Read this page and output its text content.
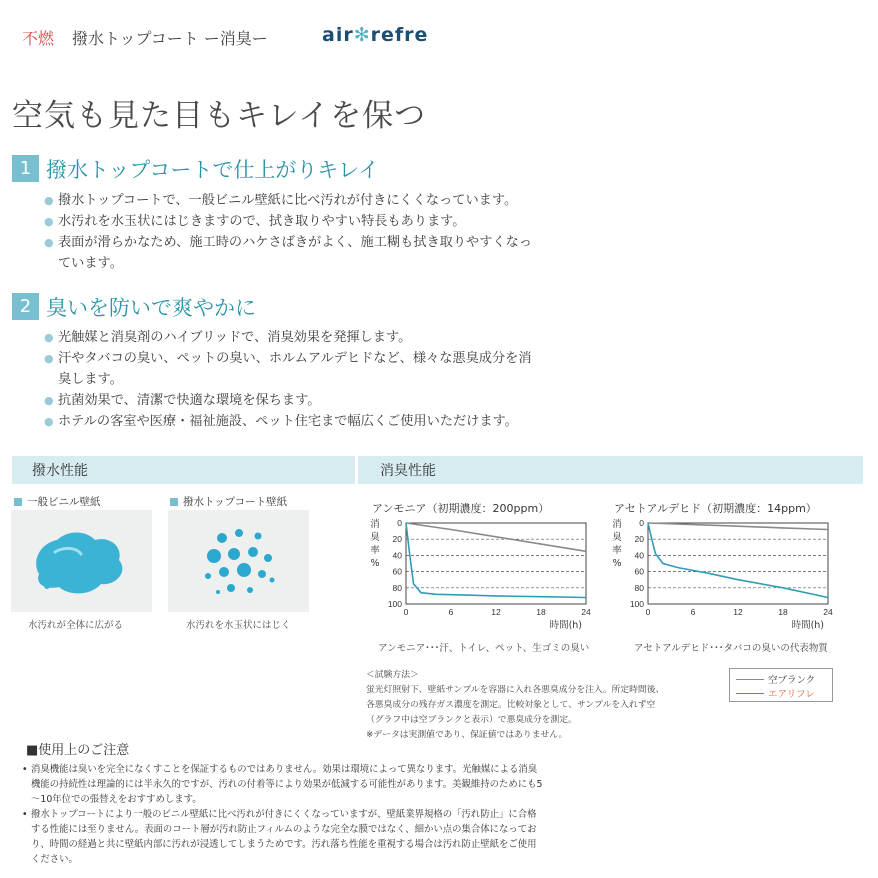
不燃 撥水トップコート ー消臭ー	air✻refre
空気も見た目もキレイを保つ
1 撥水トップコートで仕上がりキレイ
● 撥水トップコートで、一般ビニル壁紙に比べ汚れが付きにくくなっています。
● 水汚れを水玉状にはじきますので、拭き取りやすい特長もあります。
● 表面が滑らかなため、施工時のハケさばきがよく、施工糊も拭き取りやすくなっています。
2 臭いを防いで爽やかに
● 光触媒と消臭剤のハイブリッドで、消臭効果を発揮します。
● 汗やタバコの臭い、ペットの臭い、ホルムアルデヒドなど、様々な悪臭成分を消臭します。
● 抗菌効果で、清潔で快適な環境を保ちます。
● ホテルの客室や医療・福祉施設、ペット住宅まで幅広くご使用いただけます。
撥水性能
一般ビニル壁紙	撥水トップコート壁紙
水汚れが全体に広がる	水汚れを水玉状にはじく
消臭性能
アンモニア（初期濃度：200ppm）	アセトアルデヒド（初期濃度：14ppm）
0
20
40
60
80
100
0	6	12	18	24
消臭率%
時間(h)
0
20
40
60
80
100
0	6	12	18	24
消臭率%
時間(h)
アンモニア･･･汗、トイレ、ペット、生ゴミの臭い	アセトアルデヒド･･･タバコの臭いの代表物質
＜試験方法＞
蛍光灯照射下、壁紙サンプルを容器に入れ各悪臭成分を注入。所定時間後、
各悪臭成分の残存ガス濃度を測定。比較対象として、サンプルを入れず空
（グラフ中は空ブランクと表示）で悪臭成分を測定。
※データは実測値であり、保証値ではありません。
空ブランク
エアリフレ
■使用上のご注意
• 消臭機能は臭いを完全になくすことを保証するものではありません。効果は環境によって異なります。光触媒による消臭機能の持続性は理論的には半永久的ですが、汚れの付着等により効果が低減する可能性があります。美観維持のためにも5～10年位での張替えをおすすめします。
• 撥水トップコートにより一般のビニル壁紙に比べ汚れが付きにくくなっていますが、壁紙業界規格の「汚れ防止」に合格する性能には至りません。表面のコート層が汚れ防止フィルムのような完全な膜ではなく、細かい点の集合体になっており、時間の経過と共に壁紙内部に汚れが浸透してしまうためです。汚れ落ち性能を重視する場合は汚れ防止壁紙をご使用ください。
